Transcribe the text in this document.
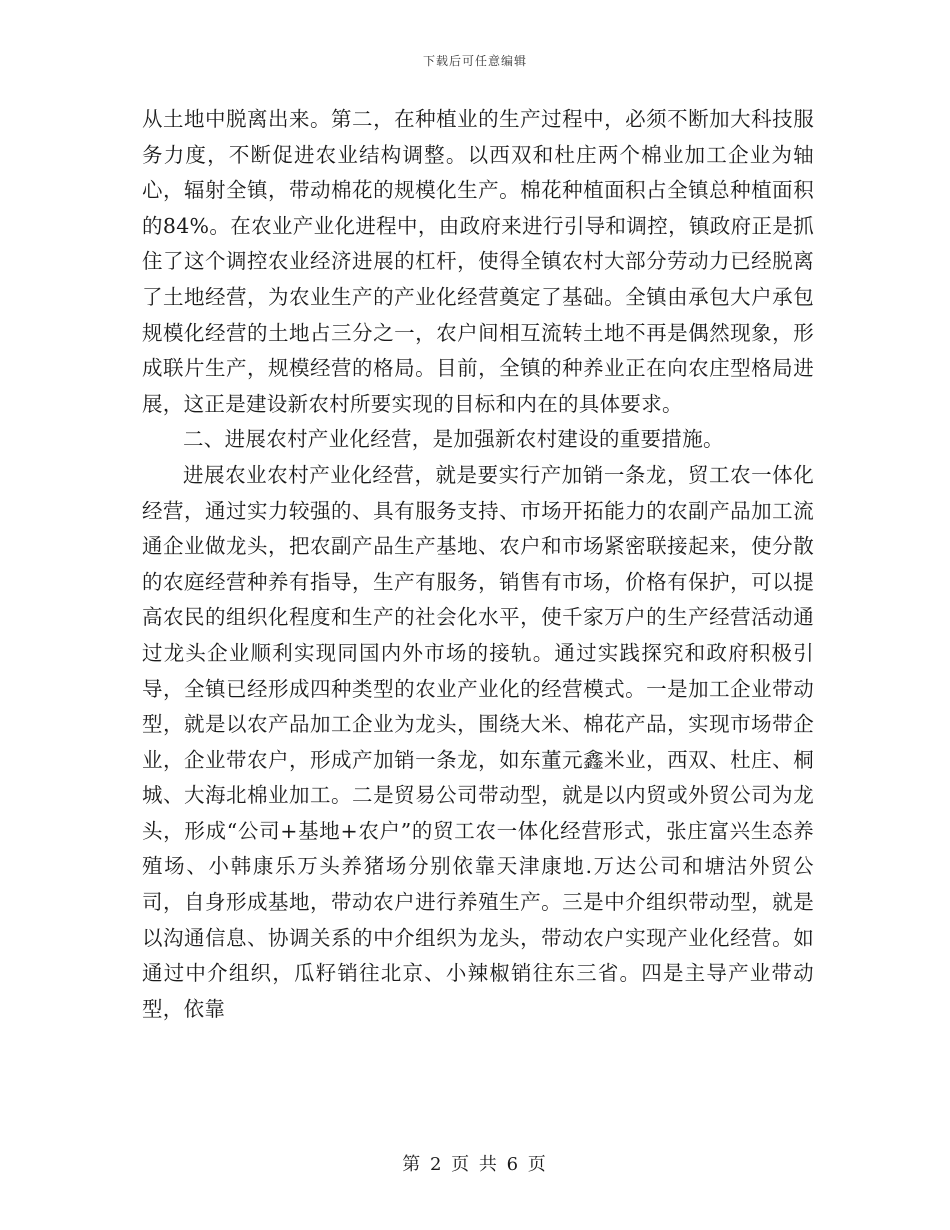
下载后可任意编辑

从土地中脱离出来。第二，在种植业的生产过程中，必须不断加大科技服务力度，不断促进农业结构调整。以西双和杜庄两个棉业加工企业为轴心，辐射全镇，带动棉花的规模化生产。棉花种植面积占全镇总种植面积的84%。在农业产业化进程中，由政府来进行引导和调控，镇政府正是抓住了这个调控农业经济进展的杠杆，使得全镇农村大部分劳动力已经脱离了土地经营，为农业生产的产业化经营奠定了基础。全镇由承包大户承包规模化经营的土地占三分之一，农户间相互流转土地不再是偶然现象，形成联片生产，规模经营的格局。目前，全镇的种养业正在向农庄型格局进展，这正是建设新农村所要实现的目标和内在的具体要求。

二、进展农村产业化经营，是加强新农村建设的重要措施。

进展农业农村产业化经营，就是要实行产加销一条龙，贸工农一体化经营，通过实力较强的、具有服务支持、市场开拓能力的农副产品加工流通企业做龙头，把农副产品生产基地、农户和市场紧密联接起来，使分散的农庭经营种养有指导，生产有服务，销售有市场，价格有保护，可以提高农民的组织化程度和生产的社会化水平，使千家万户的生产经营活动通过龙头企业顺利实现同国内外市场的接轨。通过实践探究和政府积极引导，全镇已经形成四种类型的农业产业化的经营模式。一是加工企业带动型，就是以农产品加工企业为龙头，围绕大米、棉花产品，实现市场带企业，企业带农户，形成产加销一条龙，如东董元鑫米业，西双、杜庄、桐城、大海北棉业加工。二是贸易公司带动型，就是以内贸或外贸公司为龙头，形成“公司+基地+农户”的贸工农一体化经营形式，张庄富兴生态养殖场、小韩康乐万头养猪场分别依靠天津康地.万达公司和塘沽外贸公司，自身形成基地，带动农户进行养殖生产。三是中介组织带动型，就是以沟通信息、协调关系的中介组织为龙头，带动农户实现产业化经营。如通过中介组织，瓜籽销往北京、小辣椒销往东三省。四是主导产业带动型，依靠

第 2 页 共 6 页
